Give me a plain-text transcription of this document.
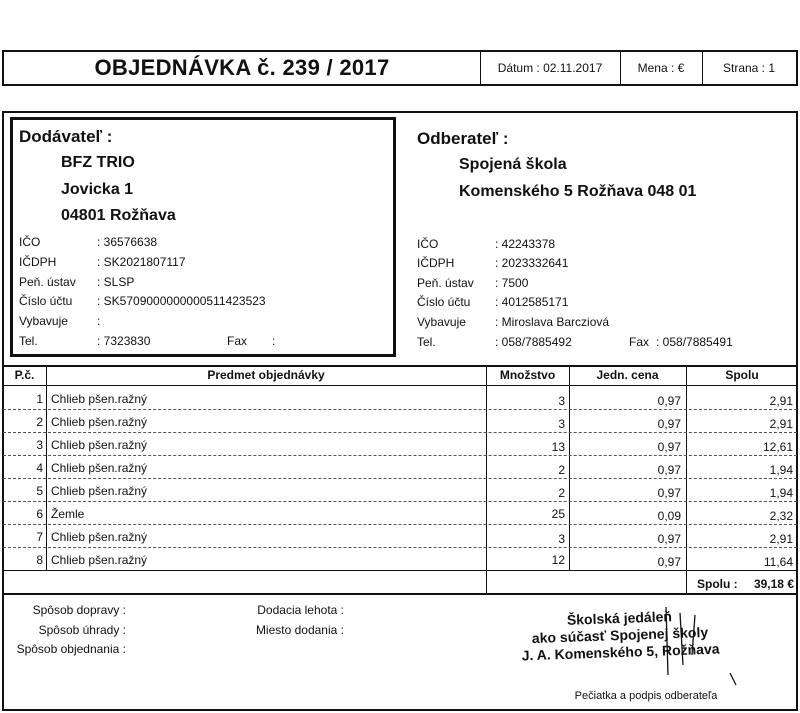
OBJEDNÁVKA č. 239 / 2017	Dátum : 02.11.2017	Mena : €	Strana : 1
Dodávateľ :
BFZ TRIO
Jovicka 1
04801 Rožňava
IČO	: 36576638
IČDPH	: SK2021807117
Peň. ústav : SLSP
Číslo účtu : SK5709000000000511423523
Vybavuje :
Tel.	: 7323830	Fax :
Odberateľ :
Spojená škola
Komenského 5 Rožňava 048 01
IČO	: 42243378
IČDPH	: 2023332641
Peň. ústav : 7500
Číslo účtu : 4012585171
Vybavuje : Miroslava Barcziová
Tel.	: 058/7885492	Fax : 058/7885491
P.č.	Predmet objednávky	Množstvo	Jedn. cena	Spolu
1 Chlieb pšen.ražný	3	0,97	2,91
2 Chlieb pšen.ražný	3	0,97	2,91
3 Chlieb pšen.ražný	13	0,97	12,61
4 Chlieb pšen.ražný	2	0,97	1,94
5 Chlieb pšen.ražný	2	0,97	1,94
6 Žemle	25	0,09	2,32
7 Chlieb pšen.ražný	3	0,97	2,91
8 Chlieb pšen.ražný	12	0,97	11,64
Spolu :	39,18 €
Spôsob dopravy :
Spôsob úhrady :
Spôsob objednania :
Dodacia lehota :
Miesto dodania :
Školská jedáleň
ako súčasť Spojenej školy
J. A. Komenského 5, Rožňava
Pečiatka a podpis odberateľa
